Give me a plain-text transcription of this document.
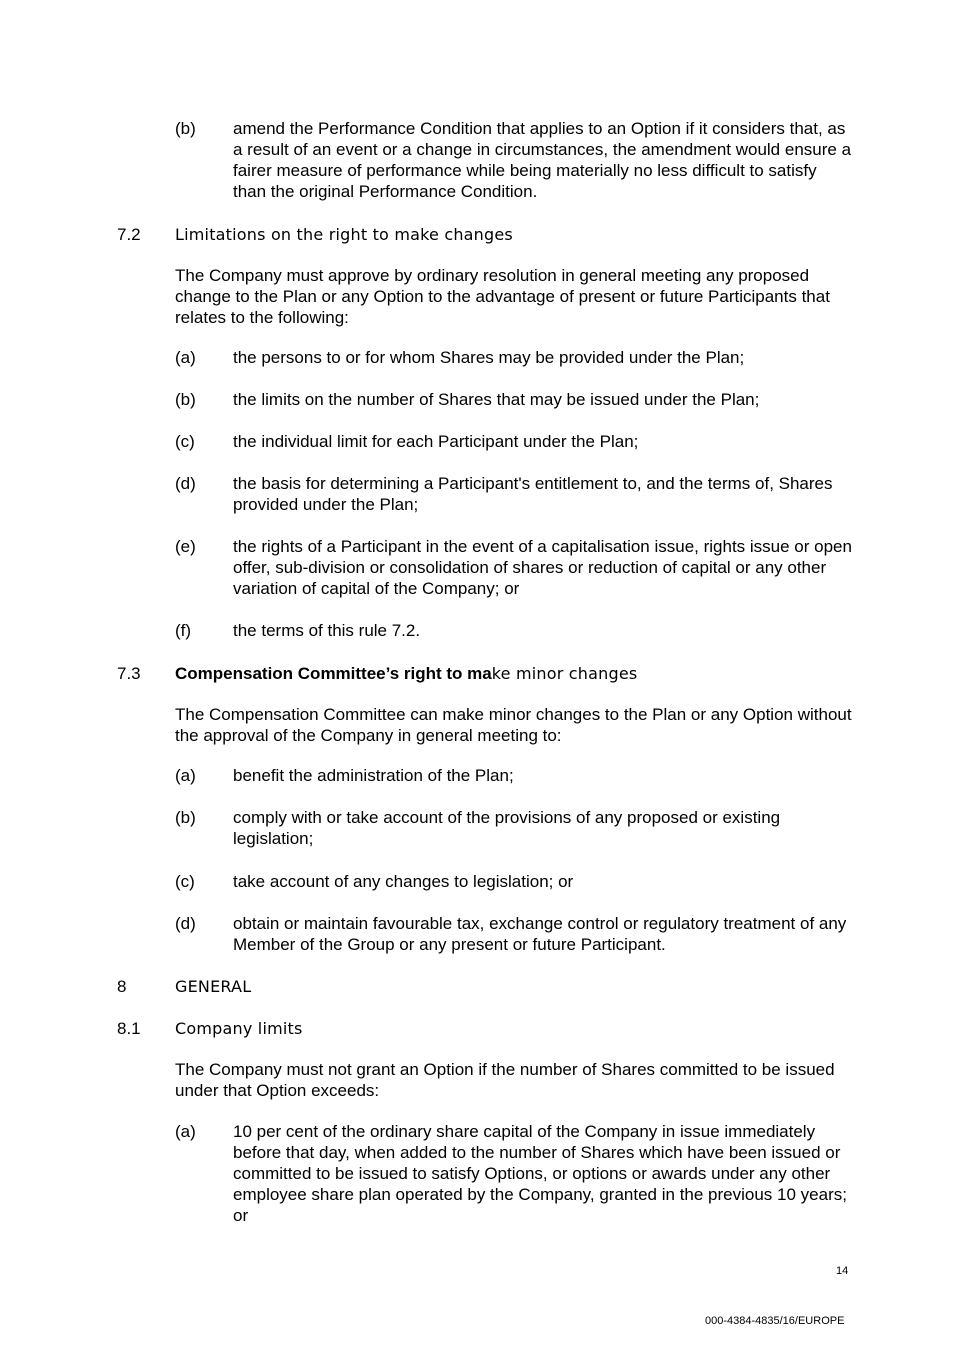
(b) amend the Performance Condition that applies to an Option if it considers that, as a result of an event or a change in circumstances, the amendment would ensure a fairer measure of performance while being materially no less difficult to satisfy than the original Performance Condition.
7.2 Limitations on the right to make changes
The Company must approve by ordinary resolution in general meeting any proposed change to the Plan or any Option to the advantage of present or future Participants that relates to the following:
(a) the persons to or for whom Shares may be provided under the Plan;
(b) the limits on the number of Shares that may be issued under the Plan;
(c) the individual limit for each Participant under the Plan;
(d) the basis for determining a Participant's entitlement to, and the terms of, Shares provided under the Plan;
(e) the rights of a Participant in the event of a capitalisation issue, rights issue or open offer, sub-division or consolidation of shares or reduction of capital or any other variation of capital of the Company; or
(f) the terms of this rule 7.2.
7.3 Compensation Committee’s right to make minor changes
The Compensation Committee can make minor changes to the Plan or any Option without the approval of the Company in general meeting to:
(a) benefit the administration of the Plan;
(b) comply with or take account of the provisions of any proposed or existing legislation;
(c) take account of any changes to legislation; or
(d) obtain or maintain favourable tax, exchange control or regulatory treatment of any Member of the Group or any present or future Participant.
8	GENERAL
8.1 Company limits
The Company must not grant an Option if the number of Shares committed to be issued under that Option exceeds:
(a) 10 per cent of the ordinary share capital of the Company in issue immediately before that day, when added to the number of Shares which have been issued or committed to be issued to satisfy Options, or options or awards under any other employee share plan operated by the Company, granted in the previous 10 years; or
14
000-4384-4835/16/EUROPE
